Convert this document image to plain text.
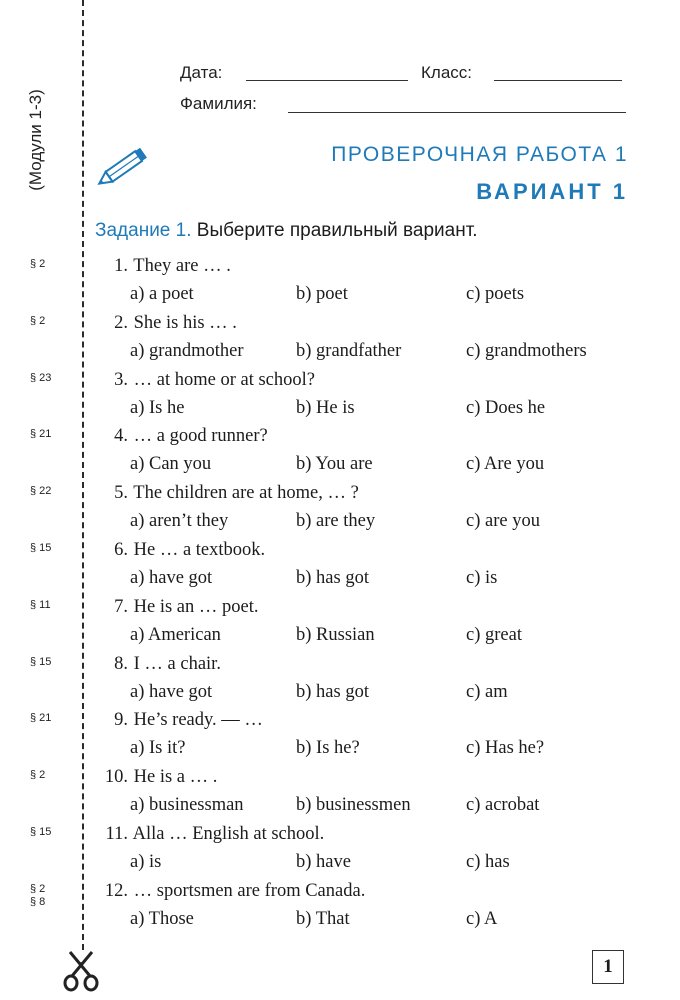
(Модули 1-3)
Дата:	Класс:
Фамилия:
ПРОВЕРОЧНАЯ РАБОТА 1
ВАРИАНТ 1
Задание 1. Выберите правильный вариант.
§ 2	1. They are … .
a) a poet	b) poet	c) poets
§ 2	2. She is his … .
a) grandmother	b) grandfather	c) grandmothers
§ 23	3. … at home or at school?
a) Is he	b) He is	c) Does he
§ 21	4. … a good runner?
a) Can you	b) You are	c) Are you
§ 22	5. The children are at home, … ?
a) aren’t they	b) are they	c) are you
§ 15	6. He … a textbook.
a) have got	b) has got	c) is
§ 11	7. He is an … poet.
a) American	b) Russian	c) great
§ 15	8. I … a chair.
a) have got	b) has got	c) am
§ 21	9. He’s ready. — …
a) Is it?	b) Is he?	c) Has he?
§ 2	10. He is a … .
a) businessman	b) businessmen	c) acrobat
§ 15	11. Alla … English at school.
a) is	b) have	c) has
§ 2
§ 8
12. … sportsmen are from Canada.
a) Those	b) That	c) A
1
